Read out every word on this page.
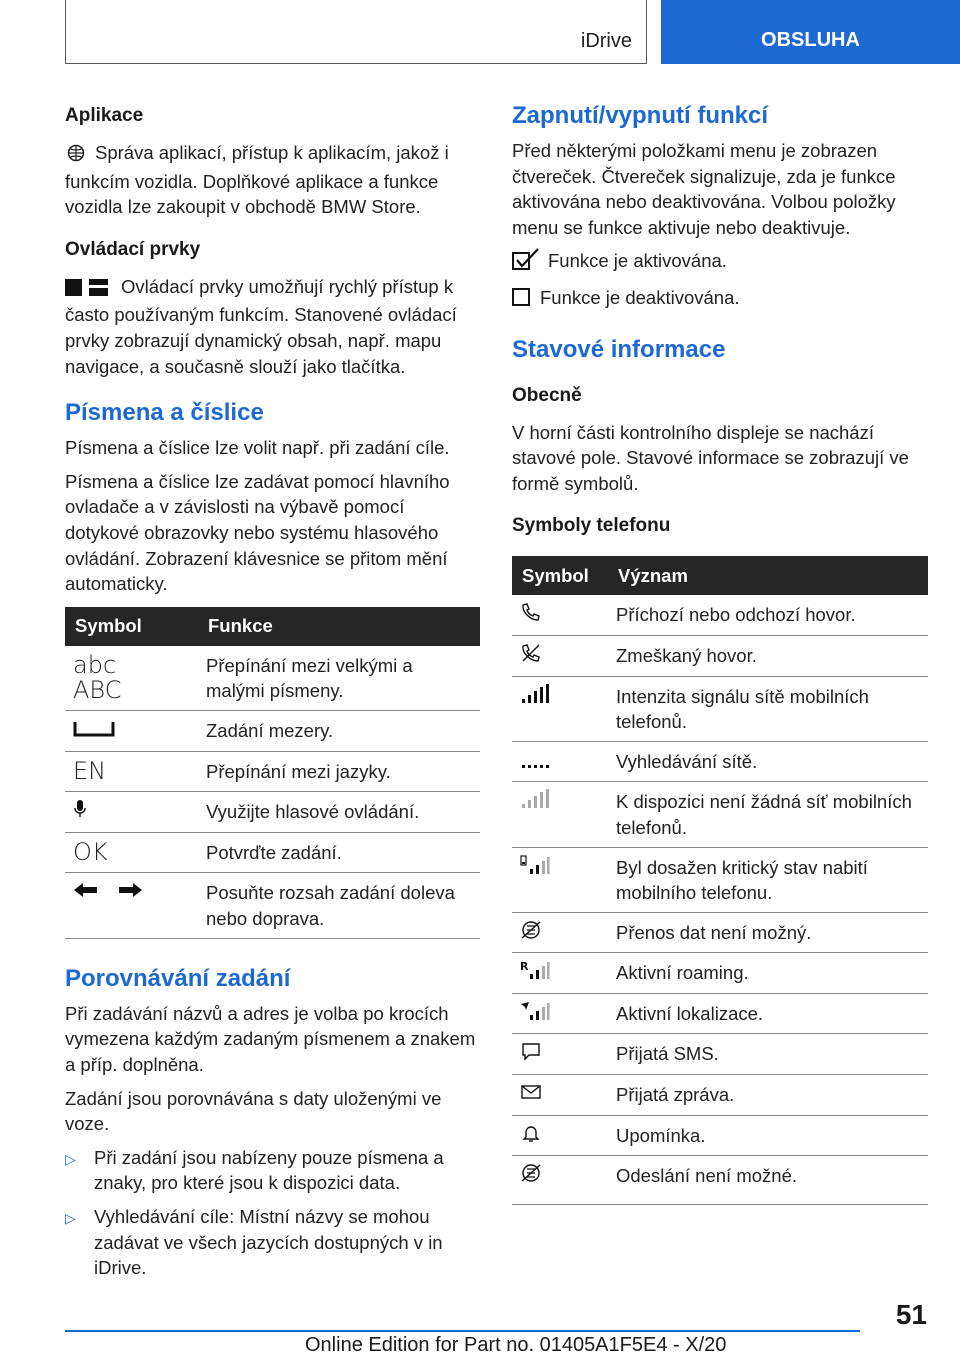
iDrive	OBSLUHA
Aplikace

Správa aplikací, přístup k aplikacím, jakož i funkcím vozidla. Doplňkové aplikace a funkce vozidla lze zakoupit v obchodě BMW Store.

Ovládací prvky

Ovládací prvky umožňují rychlý přístup k často používaným funkcím. Stanovené ovládací prvky zobrazují dynamický obsah, např. mapu navigace, a současně slouží jako tlačítka.

Písmena a číslice

Písmena a číslice lze volit např. při zadání cíle.

Písmena a číslice lze zadávat pomocí hlavního ovladače a v závislosti na výbavě pomocí dotykové obrazovky nebo systému hlasového ovládání. Zobrazení klávesnice se přitom mění automaticky.

Symbol	Funkce

abc
ABC	Přepínání mezi velkými a malými písmeny.
	Zadání mezery.
EN	Přepínání mezi jazyky.
	Využijte hlasové ovládání.
OK	Potvrďte zadání.
	Posuňte rozsah zadání doleva nebo doprava.
Porovnávání zadání

Při zadávání názvů a adres je volba po krocích vymezena každým zadaným písmenem a znakem a příp. doplněna.

Zadání jsou porovnávána s daty uloženými ve voze.

▷ Při zadání jsou nabízeny pouze písmena a znaky, pro které jsou k dispozici data.
▷ Vyhledávání cíle: Místní názvy se mohou zadávat ve všech jazycích dostupných v in iDrive.
Zapnutí/vypnutí funkcí

Před některými položkami menu je zobrazen čtvereček. Čtvereček signalizuje, zda je funkce aktivována nebo deaktivována. Volbou položky menu se funkce aktivuje nebo deaktivuje.

Funkce je aktivována.

Funkce je deaktivována.

Stavové informace
Obecně

V horní části kontrolního displeje se nachází stavové pole. Stavové informace se zobrazují ve formě symbolů.

Symboly telefonu
Symbol	Význam
	Příchozí nebo odchozí hovor.
	Zmeškaný hovor.
	Intenzita signálu sítě mobilních telefonů.
	Vyhledávání sítě.
	K dispozici není žádná síť mobilních telefonů.
	Byl dosažen kritický stav nabití mobilního telefonu.
	Přenos dat není možný.

R	Aktivní roaming.
	Aktivní lokalizace.
	Přijatá SMS.
	Přijatá zpráva.
	Upomínka.
	Odeslání není možné.
51
Online Edition for Part no. 01405A1F5E4 - X/20
